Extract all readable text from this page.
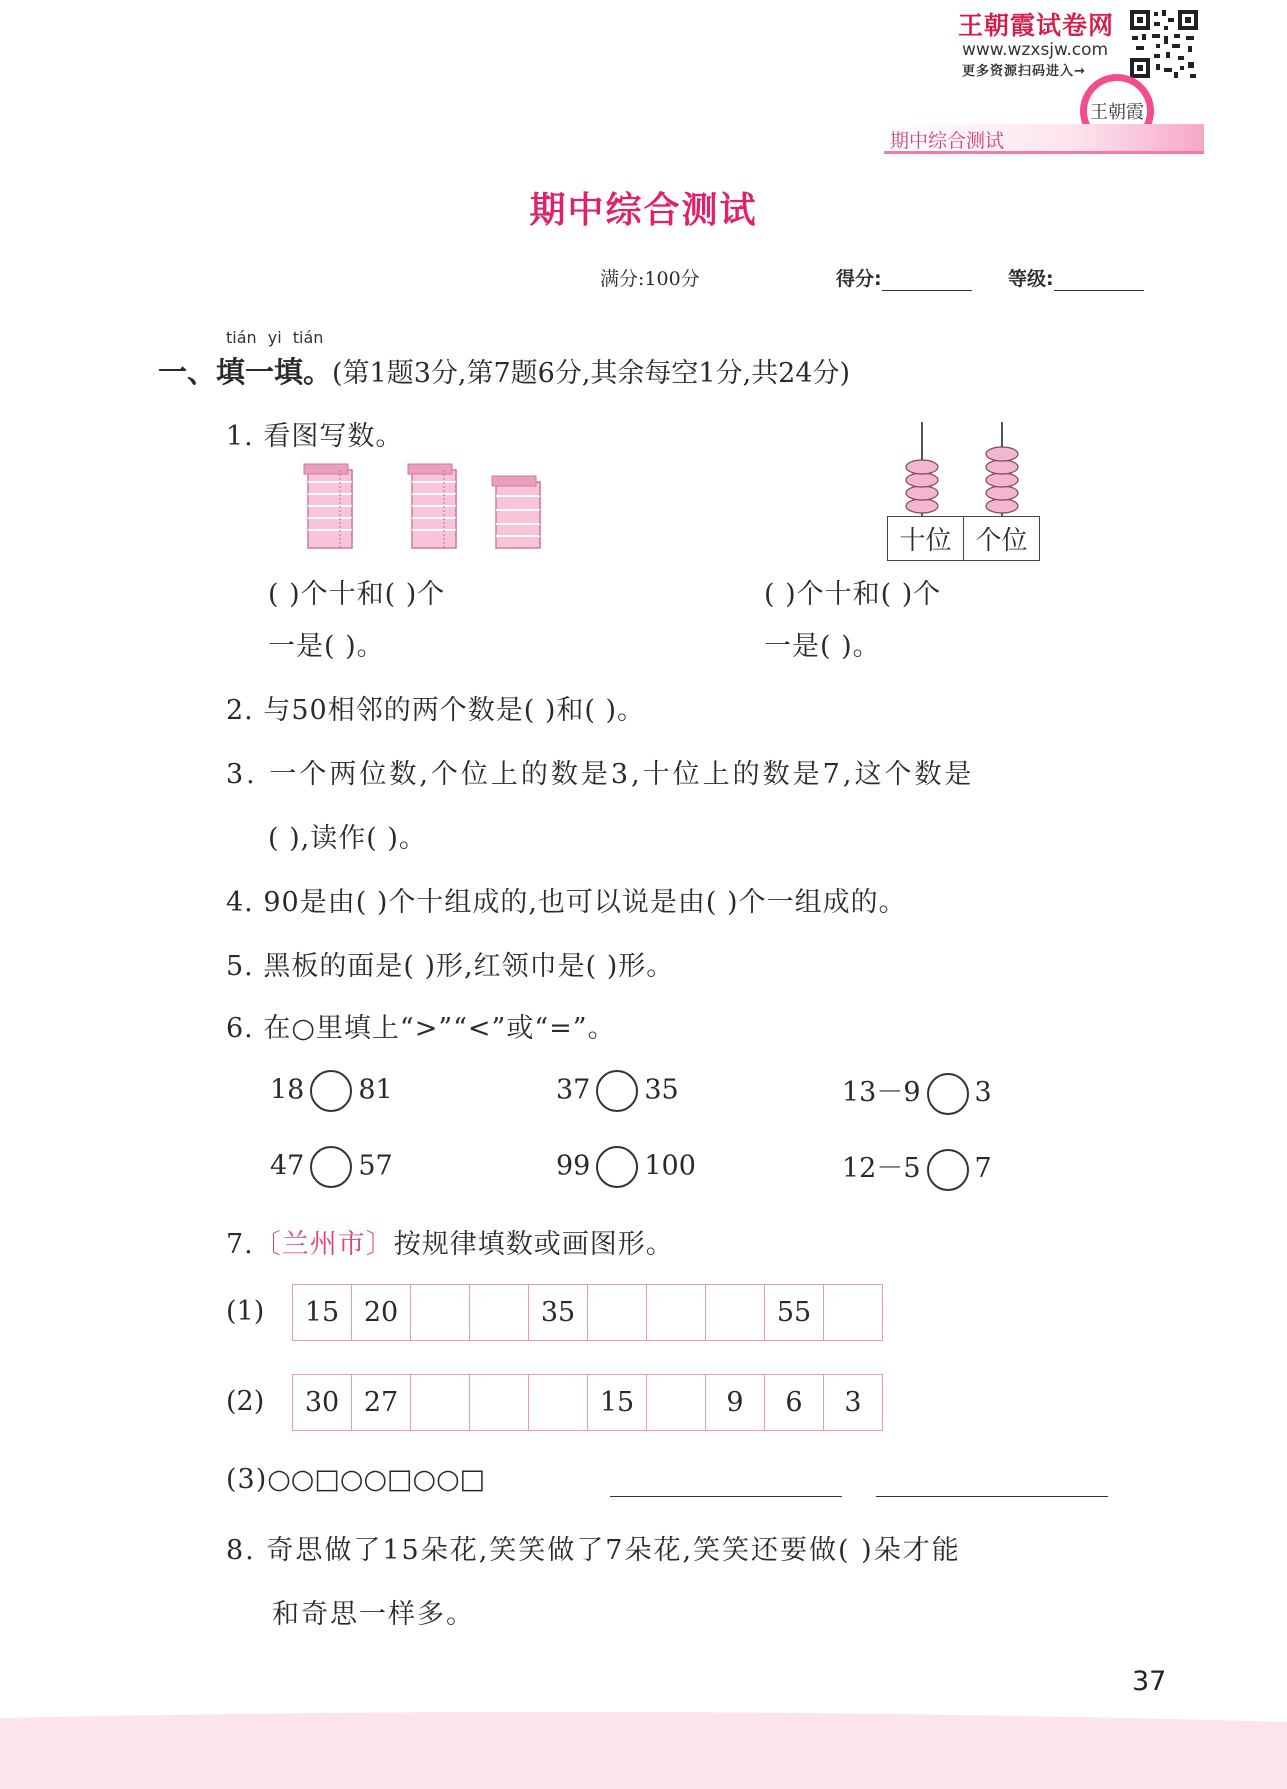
王朝霞试卷网
www.wzxsjw.com
更多资源扫码进入→
王朝霞
期中综合测试
期中综合测试
满分:100分	得分:	等级:
tián yi tián
一、填一填。(第1题3分,第7题6分,其余每空1分,共24分)
1. 看图写数。
十位	个位
( )个十和( )个
一是( )。
( )个十和( )个
一是( )。
2. 与50相邻的两个数是( )和( )。
3. 一个两位数,个位上的数是3,十位上的数是7,这个数是
( ),读作( )。
4. 90是由( )个十组成的,也可以说是由( )个一组成的。
5. 黑板的面是( )形,红领巾是( )形。
6. 在○里填上“>”“<”或“=”。
18 81	37 35	13－9 3
47 57	99 100	12－5 7
7.〔兰州市〕按规律填数或画图形。
(1) 15	20			35				55	
(2) 30	27				15		9	6	3
(3)○○□○○□○○□
8. 奇思做了15朵花,笑笑做了7朵花,笑笑还要做( )朵才能
和奇思一样多。
37
